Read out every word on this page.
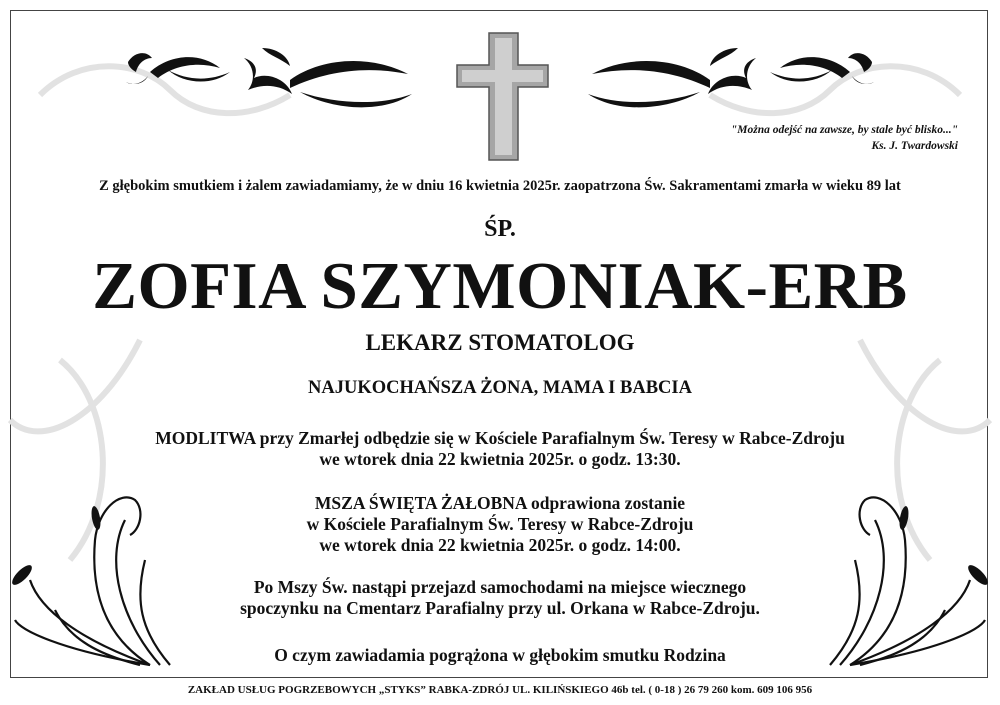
"Można odejść na zawsze, by stale być blisko..."
Ks. J. Twardowski

Z głębokim smutkiem i żalem zawiadamiamy, że w dniu 16 kwietnia 2025r. zaopatrzona Św. Sakramentami zmarła w wieku 89 lat

ŚP.

ZOFIA SZYMONIAK-ERB

LEKARZ STOMATOLOG

NAJUKOCHAŃSZA ŻONA, MAMA I BABCIA

MODLITWA przy Zmarłej odbędzie się w Kościele Parafialnym Św. Teresy w Rabce-Zdroju
we wtorek dnia 22 kwietnia 2025r. o godz. 13:30.
MSZA ŚWIĘTA ŻAŁOBNA odprawiona zostanie
w Kościele Parafialnym Św. Teresy w Rabce-Zdroju
we wtorek dnia 22 kwietnia 2025r. o godz. 14:00.
Po Mszy Św. nastąpi przejazd samochodami na miejsce wiecznego
spoczynku na Cmentarz Parafialny przy ul. Orkana w Rabce-Zdroju.

O czym zawiadamia pogrążona w głębokim smutku Rodzina

ZAKŁAD USŁUG POGRZEBOWYCH „STYKS” RABKA-ZDRÓJ UL. KILIŃSKIEGO 46b tel. ( 0-18 ) 26 79 260 kom. 609 106 956
